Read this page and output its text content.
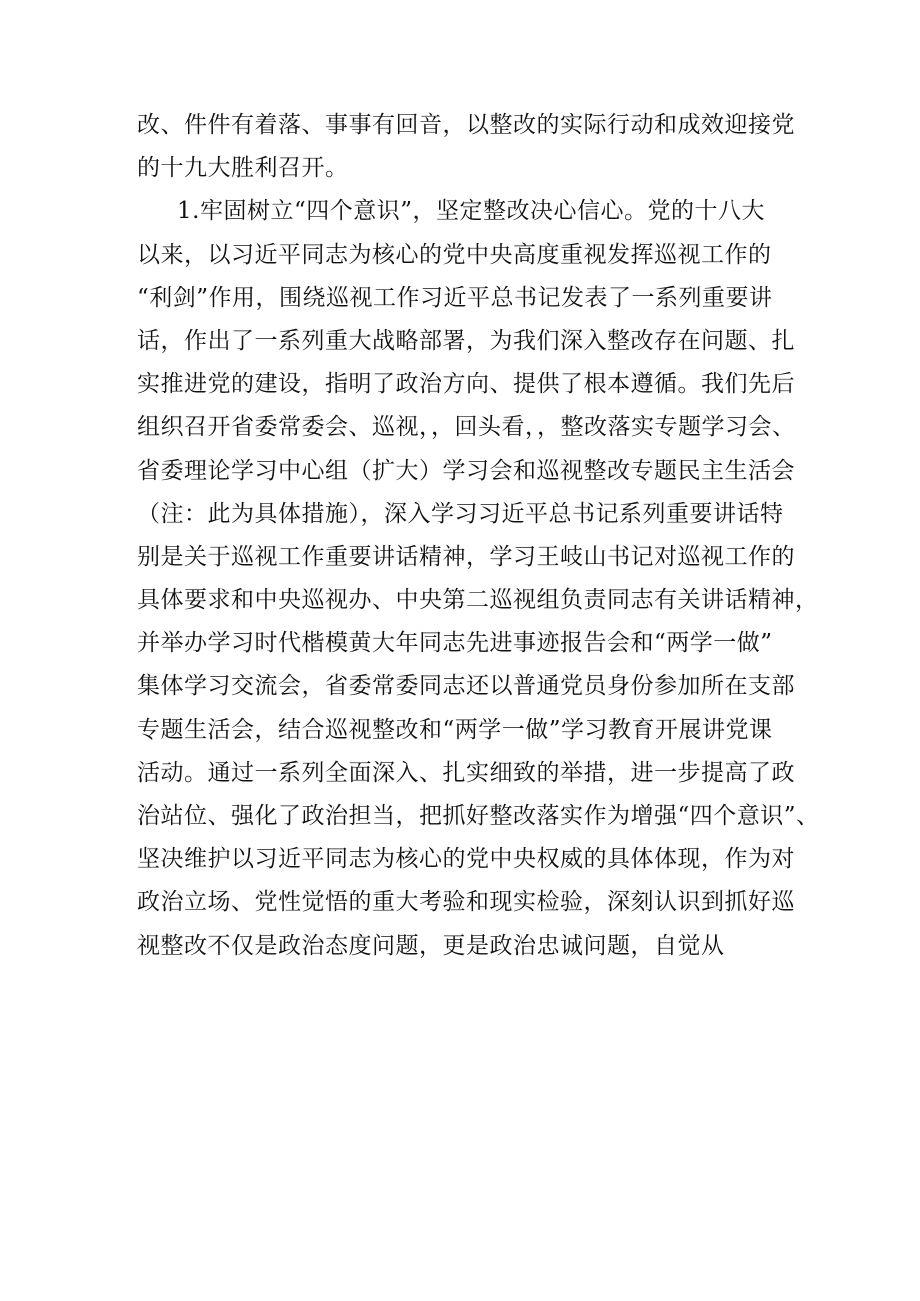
改、件件有着落、事事有回音，以整改的实际行动和成效迎接党
的十九大胜利召开。
1.牢固树立“四个意识”，坚定整改决心信心。党的十八大
以来，以习近平同志为核心的党中央高度重视发挥巡视工作的
“利剑”作用，围绕巡视工作习近平总书记发表了一系列重要讲
话，作出了一系列重大战略部署，为我们深入整改存在问题、扎
实推进党的建设，指明了政治方向、提供了根本遵循。我们先后
组织召开省委常委会、巡视，，回头看，，整改落实专题学习会、
省委理论学习中心组（扩大）学习会和巡视整改专题民主生活会
（注：此为具体措施），深入学习习近平总书记系列重要讲话特
别是关于巡视工作重要讲话精神，学习王岐山书记对巡视工作的
具体要求和中央巡视办、中央第二巡视组负责同志有关讲话精神，
并举办学习时代楷模黄大年同志先进事迹报告会和“两学一做”
集体学习交流会，省委常委同志还以普通党员身份参加所在支部
专题生活会，结合巡视整改和“两学一做”学习教育开展讲党课
活动。通过一系列全面深入、扎实细致的举措，进一步提高了政
治站位、强化了政治担当，把抓好整改落实作为增强“四个意识”、
坚决维护以习近平同志为核心的党中央权威的具体体现，作为对
政治立场、党性觉悟的重大考验和现实检验，深刻认识到抓好巡
视整改不仅是政治态度问题，更是政治忠诚问题，自觉从
